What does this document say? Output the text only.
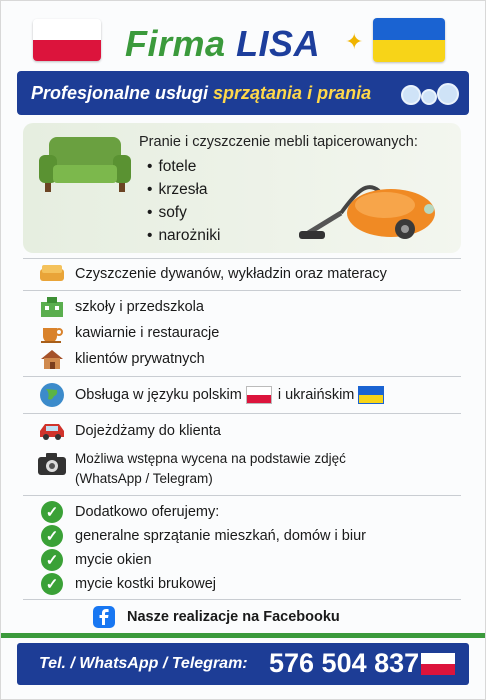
Firma LISA ✦
Profesjonalne usługi sprzątania i prania
Pranie i czyszczenie mebli tapicerowanych:
• fotele
• krzesła
• sofy
• narożniki
Czyszczenie dywanów, wykładzin oraz materacy
szkoły i przedszkola
kawiarnie i restauracje
klientów prywatnych
Obsługa w języku polskim i ukraińskim
Dojeżdżamy do klienta
Możliwa wstępna wycena na podstawie zdjęć
(WhatsApp / Telegram)
✓	Dodatkowo oferujemy:
✓	generalne sprzątanie mieszkań, domów i biur
✓	mycie okien
✓	mycie kostki brukowej
Nasze realizacje na Facebooku
Tel. / WhatsApp / Telegram: 576 504 837
